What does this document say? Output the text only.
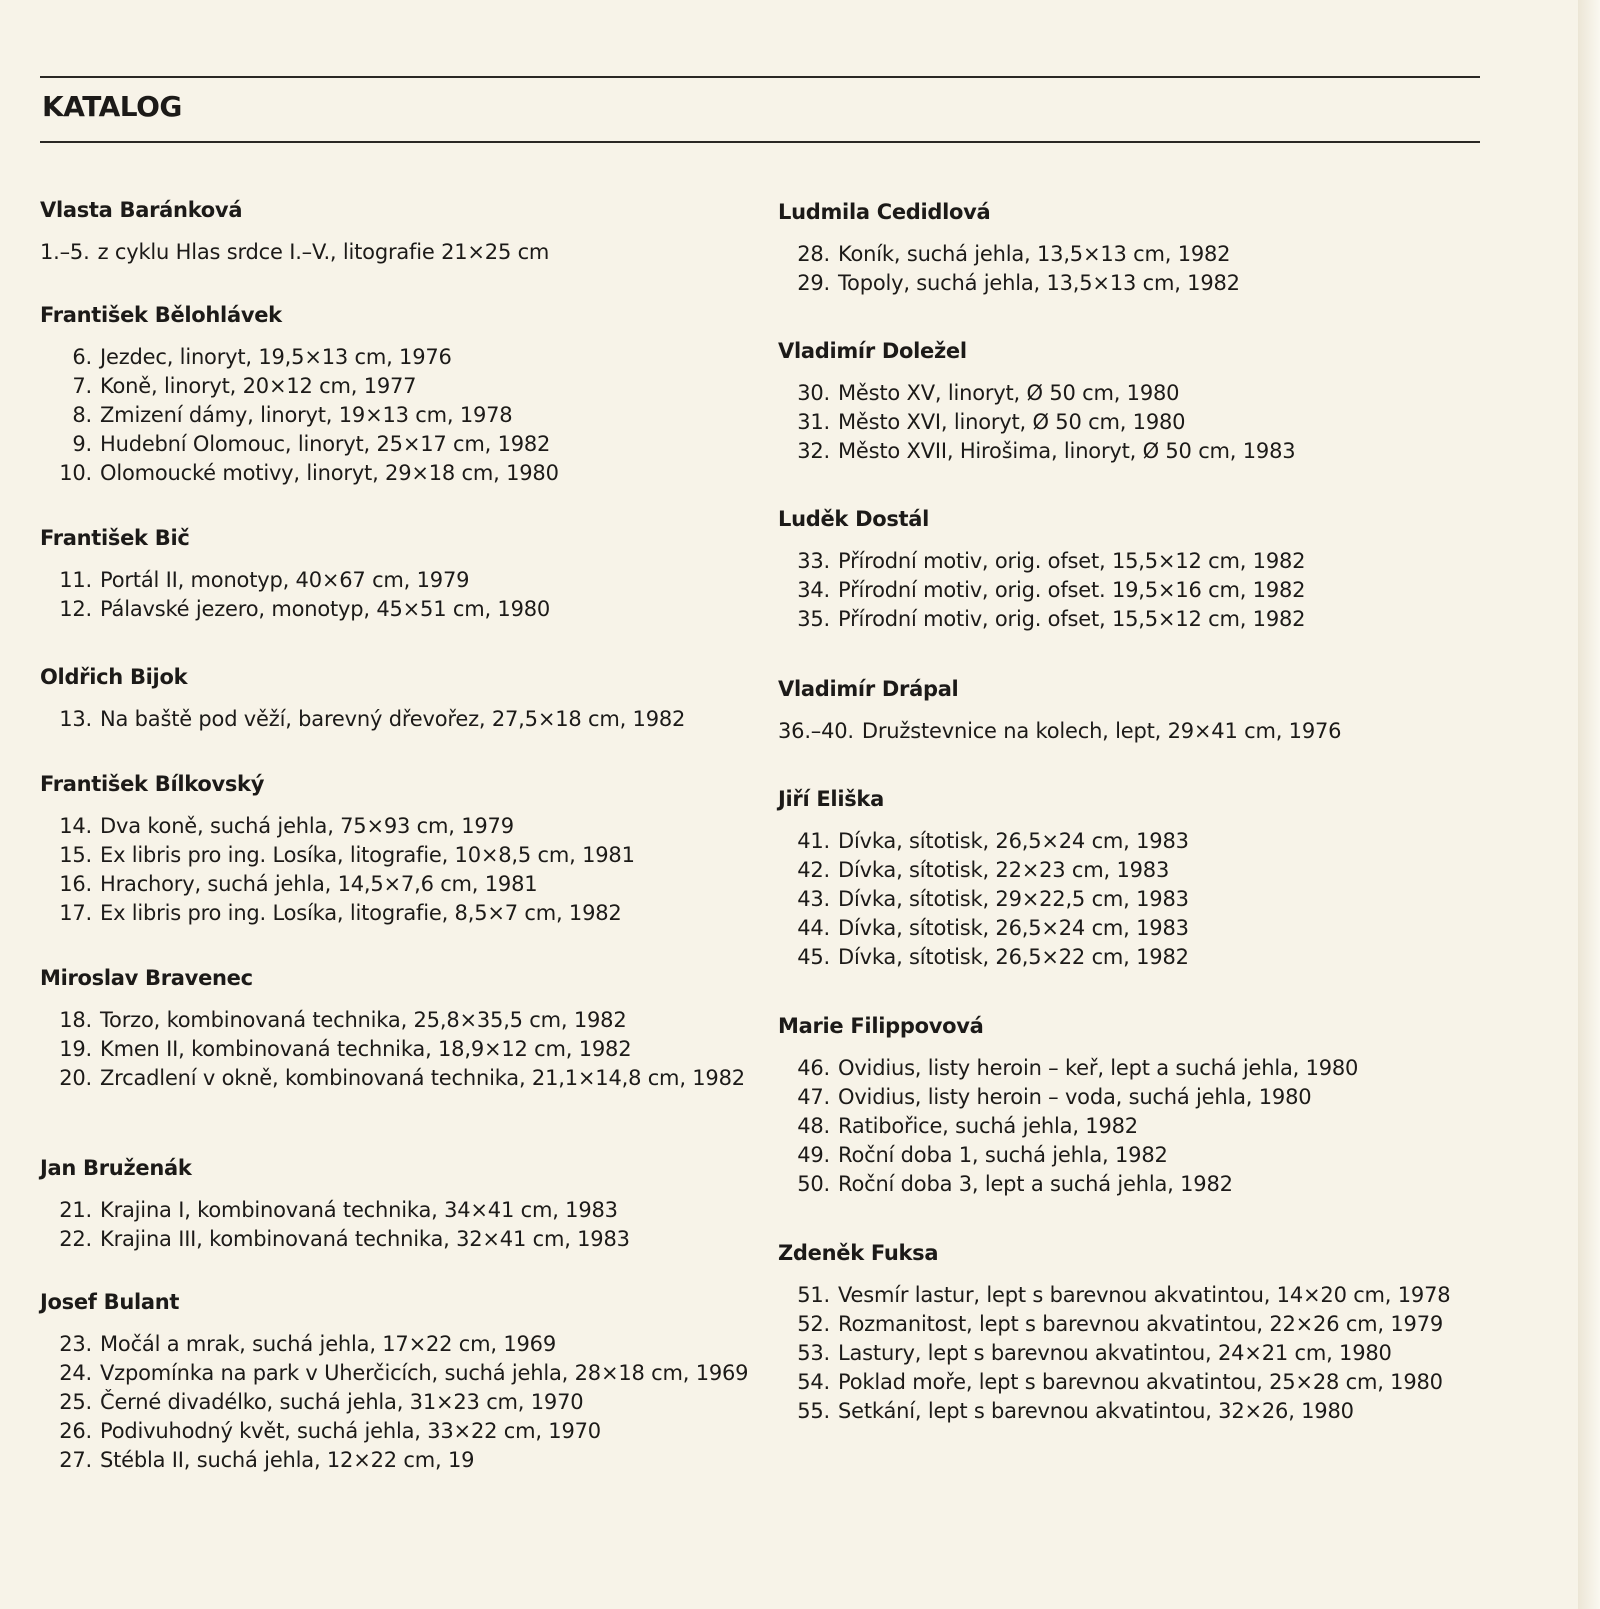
KATALOG
Vlasta Baránková
1.–5. z cyklu Hlas srdce I.–V., litografie 21×25 cm
František Bělohlávek
6. Jezdec, linoryt, 19,5×13 cm, 1976
7. Koně, linoryt, 20×12 cm, 1977
8. Zmizení dámy, linoryt, 19×13 cm, 1978
9. Hudební Olomouc, linoryt, 25×17 cm, 1982
10. Olomoucké motivy, linoryt, 29×18 cm, 1980
František Bič
11. Portál II, monotyp, 40×67 cm, 1979
12. Pálavské jezero, monotyp, 45×51 cm, 1980
Oldřich Bijok
13. Na baště pod věží, barevný dřevořez, 27,5×18 cm, 1982
František Bílkovský
14. Dva koně, suchá jehla, 75×93 cm, 1979
15. Ex libris pro ing. Losíka, litografie, 10×8,5 cm, 1981
16. Hrachory, suchá jehla, 14,5×7,6 cm, 1981
17. Ex libris pro ing. Losíka, litografie, 8,5×7 cm, 1982
Miroslav Bravenec
18. Torzo, kombinovaná technika, 25,8×35,5 cm, 1982
19. Kmen II, kombinovaná technika, 18,9×12 cm, 1982
20. Zrcadlení v okně, kombinovaná technika, 21,1×14,8 cm, 1982
Jan Bruženák
21. Krajina I, kombinovaná technika, 34×41 cm, 1983
22. Krajina III, kombinovaná technika, 32×41 cm, 1983
Josef Bulant
23. Močál a mrak, suchá jehla, 17×22 cm, 1969
24. Vzpomínka na park v Uherčicích, suchá jehla, 28×18 cm, 1969
25. Černé divadélko, suchá jehla, 31×23 cm, 1970
26. Podivuhodný květ, suchá jehla, 33×22 cm, 1970
27. Stébla II, suchá jehla, 12×22 cm, 19
Ludmila Cedidlová
28. Koník, suchá jehla, 13,5×13 cm, 1982
29. Topoly, suchá jehla, 13,5×13 cm, 1982
Vladimír Doležel
30. Město XV, linoryt, Ø 50 cm, 1980
31. Město XVI, linoryt, Ø 50 cm, 1980
32. Město XVII, Hirošima, linoryt, Ø 50 cm, 1983
Luděk Dostál
33. Přírodní motiv, orig. ofset, 15,5×12 cm, 1982
34. Přírodní motiv, orig. ofset. 19,5×16 cm, 1982
35. Přírodní motiv, orig. ofset, 15,5×12 cm, 1982
Vladimír Drápal
36.–40. Družstevnice na kolech, lept, 29×41 cm, 1976
Jiří Eliška
41. Dívka, sítotisk, 26,5×24 cm, 1983
42. Dívka, sítotisk, 22×23 cm, 1983
43. Dívka, sítotisk, 29×22,5 cm, 1983
44. Dívka, sítotisk, 26,5×24 cm, 1983
45. Dívka, sítotisk, 26,5×22 cm, 1982
Marie Filippovová
46. Ovidius, listy heroin – keř, lept a suchá jehla, 1980
47. Ovidius, listy heroin – voda, suchá jehla, 1980
48. Ratibořice, suchá jehla, 1982
49. Roční doba 1, suchá jehla, 1982
50. Roční doba 3, lept a suchá jehla, 1982
Zdeněk Fuksa
51. Vesmír lastur, lept s barevnou akvatintou, 14×20 cm, 1978
52. Rozmanitost, lept s barevnou akvatintou, 22×26 cm, 1979
53. Lastury, lept s barevnou akvatintou, 24×21 cm, 1980
54. Poklad moře, lept s barevnou akvatintou, 25×28 cm, 1980
55. Setkání, lept s barevnou akvatintou, 32×26, 1980
